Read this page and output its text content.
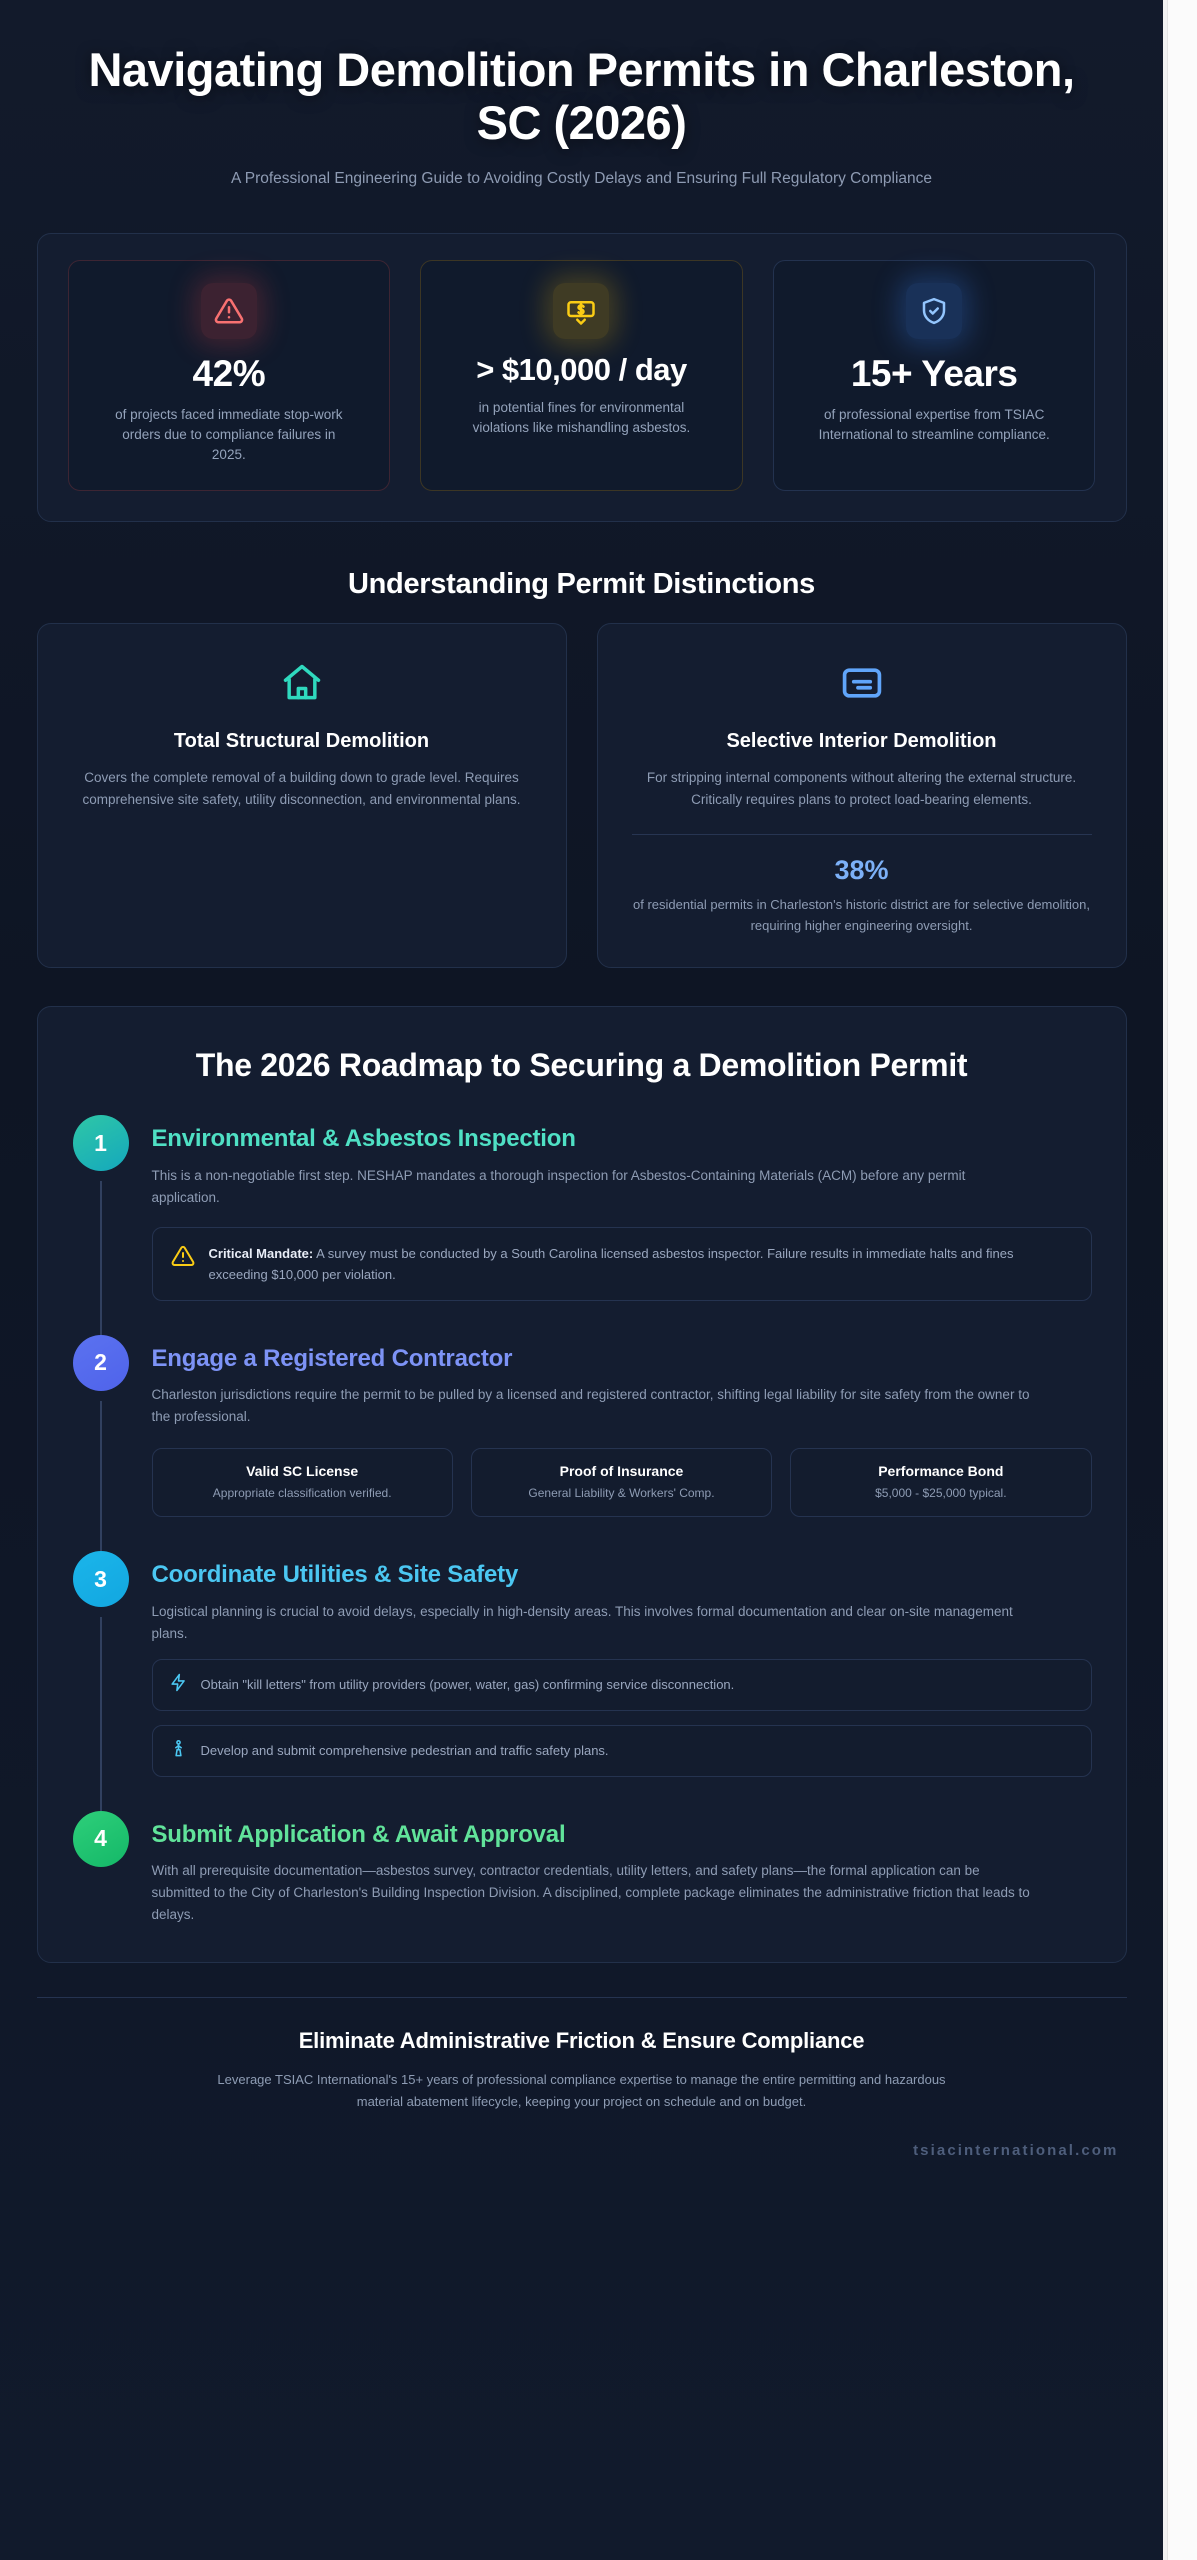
Navigating Demolition Permits in Charleston, SC (2026)
A Professional Engineering Guide to Avoiding Costly Delays and Ensuring Full Regulatory Compliance
42%
of projects faced immediate stop-work orders due to compliance failures in 2025.
> $10,000 / day
in potential fines for environmental violations like mishandling asbestos.
15+ Years
of professional expertise from TSIAC International to streamline compliance.
Understanding Permit Distinctions
Total Structural Demolition
Covers the complete removal of a building down to grade level. Requires comprehensive site safety, utility disconnection, and environmental plans.
Selective Interior Demolition
For stripping internal components without altering the external structure. Critically requires plans to protect load-bearing elements.
38%
of residential permits in Charleston's historic district are for selective demolition, requiring higher engineering oversight.
The 2026 Roadmap to Securing a Demolition Permit
1	Environmental & Asbestos Inspection
This is a non-negotiable first step. NESHAP mandates a thorough inspection for Asbestos-Containing Materials (ACM) before any permit application.
Critical Mandate: A survey must be conducted by a South Carolina licensed asbestos inspector. Failure results in immediate halts and fines exceeding $10,000 per violation.
2	Engage a Registered Contractor
Charleston jurisdictions require the permit to be pulled by a licensed and registered contractor, shifting legal liability for site safety from the owner to the professional.
Valid SC License
Appropriate classification verified.
Proof of Insurance
General Liability & Workers' Comp.
Performance Bond
$5,000 - $25,000 typical.
3	Coordinate Utilities & Site Safety
Logistical planning is crucial to avoid delays, especially in high-density areas. This involves formal documentation and clear on-site management plans.
Obtain "kill letters" from utility providers (power, water, gas) confirming service disconnection.
Develop and submit comprehensive pedestrian and traffic safety plans.
4	Submit Application & Await Approval
With all prerequisite documentation—asbestos survey, contractor credentials, utility letters, and safety plans—the formal application can be submitted to the City of Charleston's Building Inspection Division. A disciplined, complete package eliminates the administrative friction that leads to delays.
Eliminate Administrative Friction & Ensure Compliance
Leverage TSIAC International's 15+ years of professional compliance expertise to manage the entire permitting and hazardous material abatement lifecycle, keeping your project on schedule and on budget.
tsiacinternational.com
